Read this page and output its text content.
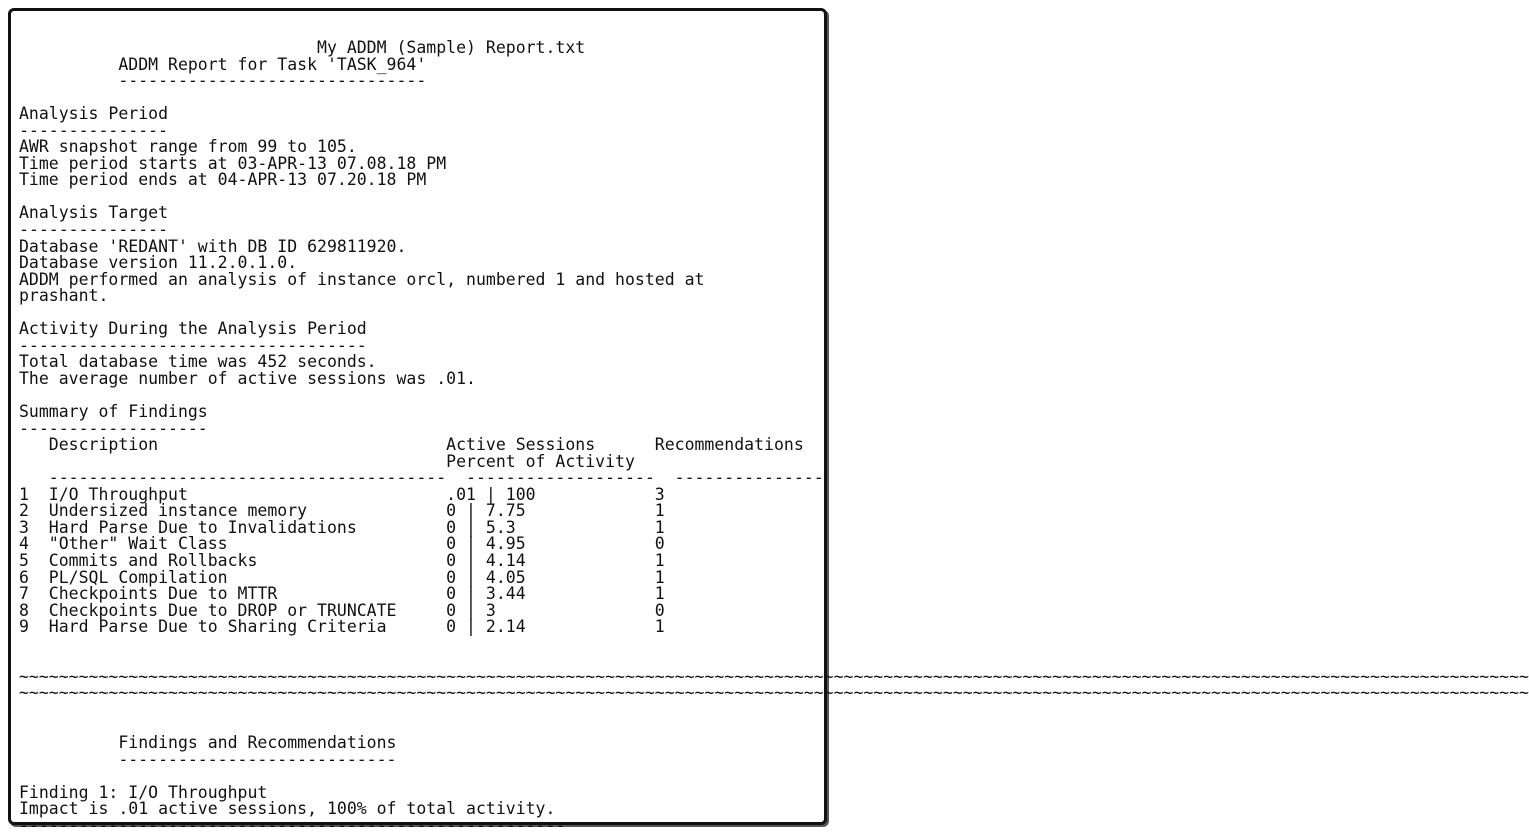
My ADDM (Sample) Report.txt
ADDM Report for Task 'TASK_964'
-------------------------------
Analysis Period
---------------
AWR snapshot range from 99 to 105.
Time period starts at 03-APR-13 07.08.18 PM
Time period ends at 04-APR-13 07.20.18 PM
Analysis Target
---------------
Database 'REDANT' with DB ID 629811920.
Database version 11.2.0.1.0.
ADDM performed an analysis of instance orcl, numbered 1 and hosted at
prashant.
Activity During the Analysis Period
-----------------------------------
Total database time was 452 seconds.
The average number of active sessions was .01.
Summary of Findings
-------------------
Description                             Active Sessions      Recommendations
Percent of Activity
----------------------------------------  -------------------  ---------------
1  I/O Throughput                          .01 | 100            3
2  Undersized instance memory              0 | 7.75             1
3  Hard Parse Due to Invalidations         0 | 5.3              1
4  "Other" Wait Class                      0 | 4.95             0
5  Commits and Rollbacks                   0 | 4.14             1
6  PL/SQL Compilation                      0 | 4.05             1
7  Checkpoints Due to MTTR                 0 | 3.44             1
8  Checkpoints Due to DROP or TRUNCATE     0 | 3                0
9  Hard Parse Due to Sharing Criteria      0 | 2.14             1
~~~~~~~~~~~~~~~~~~~~~~~~~~~~~~~~~~~~~~~~~~~~~~~~~~~~~~~~~~~~~~~~~~~~~~~~~~~~~~~~~~~~~~~~~~~~~~~~~~~~~~~~~~~~~~~~~~~~~~~~~~~~~~~~~~~~~~~~~~~~~~~~~~~~~~~~
~~~~~~~~~~~~~~~~~~~~~~~~~~~~~~~~~~~~~~~~~~~~~~~~~~~~~~~~~~~~~~~~~~~~~~~~~~~~~~~~~~~~~~~~~~~~~~~~~~~~~~~~~~~~~~~~~~~~~~~~~~~~~~~~~~~~~~~~~~~~~~~~~~~~~~~~
Findings and Recommendations
----------------------------
Finding 1: I/O Throughput
Impact is .01 active sessions, 100% of total activity.
-------------------------------------------------------
